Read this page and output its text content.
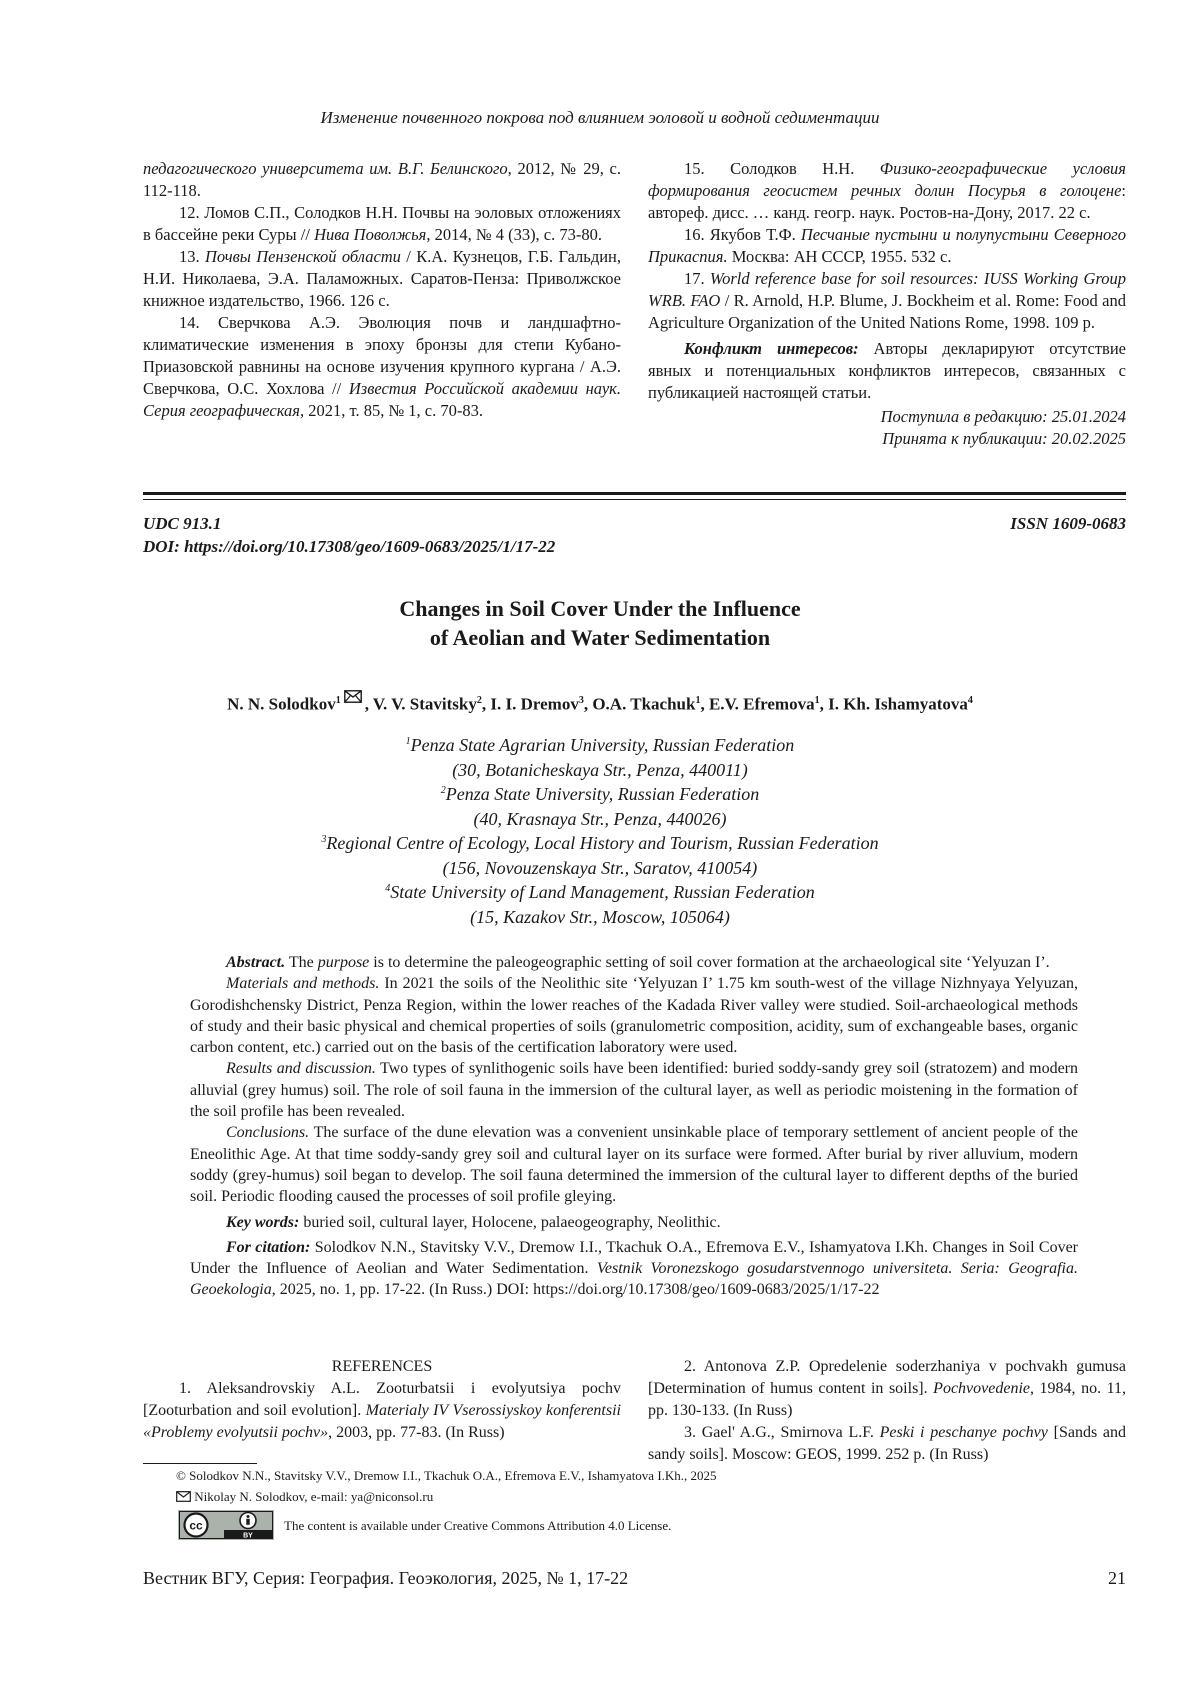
Изменение почвенного покрова под влиянием эоловой и водной седиментации

педагогического университета им. В.Г. Белинского, 2012, № 29, с. 112-118.

12. Ломов С.П., Солодков Н.Н. Почвы на эоловых отложениях в бассейне реки Суры // Нива Поволжья, 2014, № 4 (33), с. 73-80.

13. Почвы Пензенской области / К.А. Кузнецов, Г.Б. Гальдин, Н.И. Николаева, Э.А. Паламожных. Саратов-Пенза: Приволжское книжное издательство, 1966. 126 с.

14. Сверчкова А.Э. Эволюция почв и ландшафтно-климатические изменения в эпоху бронзы для степи Кубано-Приазовской равнины на основе изучения крупного кургана / А.Э. Сверчкова, О.С. Хохлова // Известия Российской академии наук. Серия географическая, 2021, т. 85, № 1, с. 70-83.

15. Солодков Н.Н. Физико-географические условия формирования геосистем речных долин Посурья в голоцене: автореф. дисс. … канд. геогр. наук. Ростов-на-Дону, 2017. 22 с.

16. Якубов Т.Ф. Песчаные пустыни и полупустыни Северного Прикаспия. Москва: АН СССР, 1955. 532 с.

17. World reference base for soil resources: IUSS Working Group WRB. FAO / R. Arnold, H.P. Blume, J. Bockheim et al. Rome: Food and Agriculture Organization of the United Nations Rome, 1998. 109 p.

Конфликт интересов: Авторы декларируют отсутствие явных и потенциальных конфликтов интересов, связанных с публикацией настоящей статьи.

Поступила в редакцию: 25.01.2024

Принята к публикации: 20.02.2025

UDC 913.1
DOI: https://doi.org/10.17308/geo/1609-0683/2025/1/17-22
ISSN 1609-0683
Changes in Soil Cover Under the Influence
of Aeolian and Water Sedimentation
N. N. Solodkov1 , V. V. Stavitsky2, I. I. Dremov3, O.A. Tkachuk1, E.V. Efremova1, I. Kh. Ishamyatova4
1Penza State Agrarian University, Russian Federation
(30, Botanicheskaya Str., Penza, 440011)
2Penza State University, Russian Federation
(40, Krasnaya Str., Penza, 440026)
3Regional Centre of Ecology, Local History and Tourism, Russian Federation
(156, Novouzenskaya Str., Saratov, 410054)
4State University of Land Management, Russian Federation
(15, Kazakov Str., Moscow, 105064)

Abstract. The purpose is to determine the paleogeographic setting of soil cover formation at the archaeological site ‘Yelyuzan I’.

Materials and methods. In 2021 the soils of the Neolithic site ‘Yelyuzan I’ 1.75 km south-west of the village Nizhnyaya Yelyuzan, Gorodishchensky District, Penza Region, within the lower reaches of the Kadada River valley were studied. Soil-archaeological methods of study and their basic physical and chemical properties of soils (granulometric composition, acidity, sum of exchangeable bases, organic carbon content, etc.) carried out on the basis of the certification laboratory were used.

Results and discussion. Two types of synlithogenic soils have been identified: buried soddy-sandy grey soil (stratozem) and modern alluvial (grey humus) soil. The role of soil fauna in the immersion of the cultural layer, as well as periodic moistening in the formation of the soil profile has been revealed.

Conclusions. The surface of the dune elevation was a convenient unsinkable place of temporary settlement of ancient people of the Eneolithic Age. At that time soddy-sandy grey soil and cultural layer on its surface were formed. After burial by river alluvium, modern soddy (grey-humus) soil began to develop. The soil fauna determined the immersion of the cultural layer to different depths of the buried soil. Periodic flooding caused the processes of soil profile gleying.

Key words: buried soil, cultural layer, Holocene, palaeogeography, Neolithic.

For citation: Solodkov N.N., Stavitsky V.V., Dremow I.I., Tkachuk O.A., Efremova E.V., Ishamyatova I.Kh. Changes in Soil Cover Under the Influence of Aeolian and Water Sedimentation. Vestnik Voronezskogo gosudarstvennogo universiteta. Seria: Geografia. Geoekologia, 2025, no. 1, pp. 17-22. (In Russ.) DOI: https://doi.org/10.17308/geo/1609-0683/2025/1/17-22

REFERENCES

1. Aleksandrovskiy A.L. Zooturbatsii i evolyutsiya pochv [Zooturbation and soil evolution]. Materialy IV Vserossiyskoy konferentsii «Problemy evolyutsii pochv», 2003, pp. 77-83. (In Russ)

2. Antonova Z.P. Opredelenie soderzhaniya v pochvakh gumusa [Determination of humus content in soils]. Pochvovedenie, 1984, no. 11, pp. 130-133. (In Russ)

3. Gael' A.G., Smirnova L.F. Peski i peschanye pochvy [Sands and sandy soils]. Moscow: GEOS, 1999. 252 p. (In Russ)

© Solodkov N.N., Stavitsky V.V., Dremow I.I., Tkachuk O.A., Efremova E.V., Ishamyatova I.Kh., 2025
Nikolay N. Solodkov, e-mail: ya@niconsol.ru
cc
BY
The content is available under Creative Commons Attribution 4.0 License.
Вестник ВГУ, Серия: География. Геоэкология, 2025, № 1, 17-22	21
